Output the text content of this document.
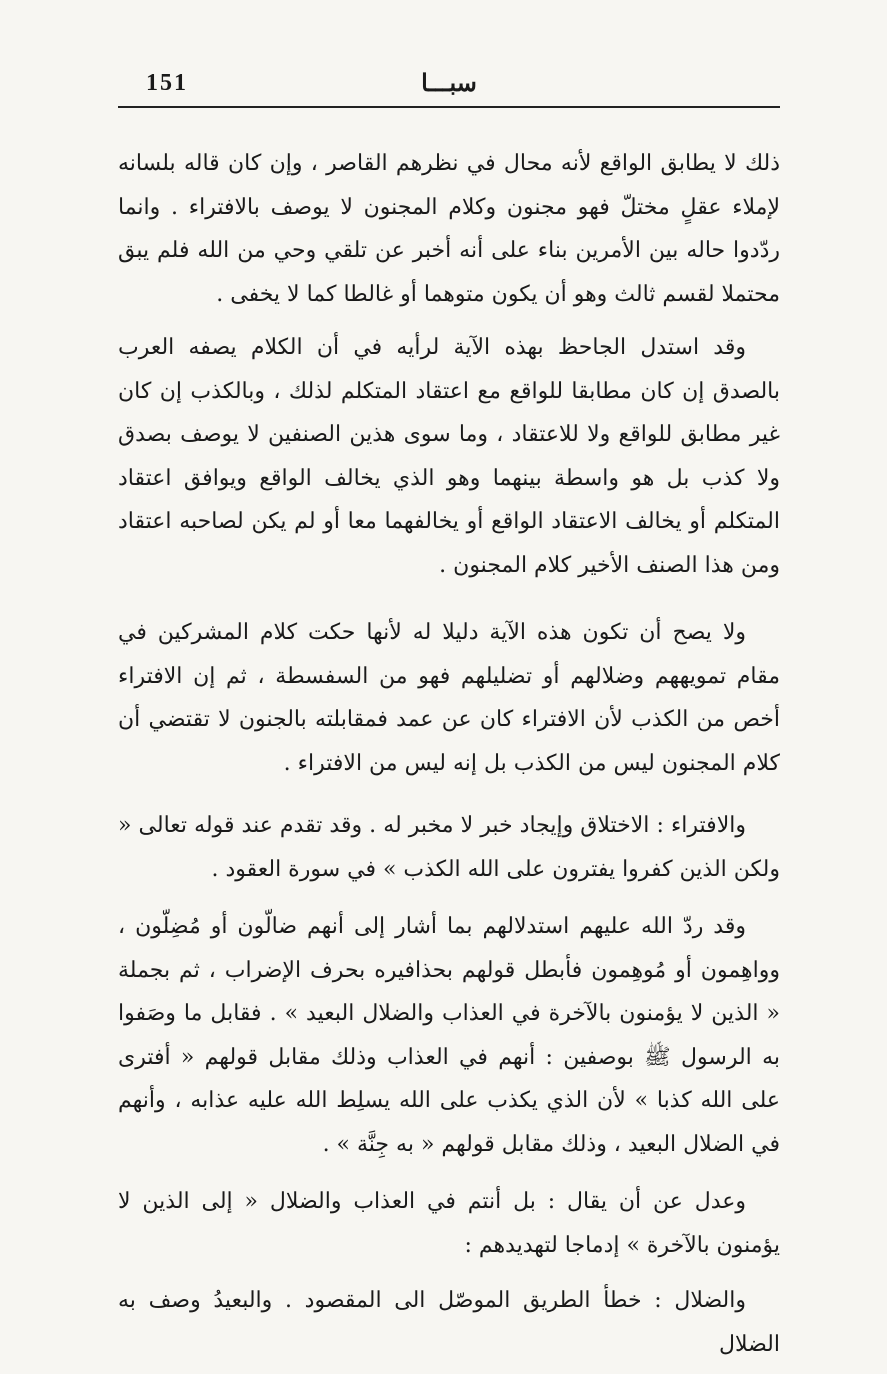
151	سبـــا

ذلك لا يطابق الواقع لأنه محال في نظرهم القاصر ، وإن كان قاله بلسانه لإملاء عقلٍ مختلّ فهو مجنون وكلام المجنون لا يوصف بالافتراء . وانما ردّدوا حاله بين الأمرين بناء على أنه أخبر عن تلقي وحي من الله فلم يبق محتملا لقسم ثالث وهو أن يكون متوهما أو غالطا كما لا يخفى .

وقد استدل الجاحظ بهذه الآية لرأيه في أن الكلام يصفه العرب بالصدق إن كان مطابقا للواقع مع اعتقاد المتكلم لذلك ، وبالكذب إن كان غير مطابق للواقع ولا للاعتقاد ، وما سوى هذين الصنفين لا يوصف بصدق ولا كذب بل هو واسطة بينهما وهو الذي يخالف الواقع ويوافق اعتقاد المتكلم أو يخالف الاعتقاد الواقع أو يخالفهما معا أو لم يكن لصاحبه اعتقاد ومن هذا الصنف الأخير كلام المجنون .

ولا يصح أن تكون هذه الآية دليلا له لأنها حكت كلام المشركين في مقام تمويههم وضلالهم أو تضليلهم فهو من السفسطة ، ثم إن الافتراء أخص من الكذب لأن الافتراء كان عن عمد فمقابلته بالجنون لا تقتضي أن كلام المجنون ليس من الكذب بل إنه ليس من الافتراء .

والافتراء : الاختلاق وإيجاد خبر لا مخبر له . وقد تقدم عند قوله تعالى « ولكن الذين كفروا يفترون على الله الكذب » في سورة العقود .

وقد ردّ الله عليهم استدلالهم بما أشار إلى أنهم ضالّون أو مُضِلّون ، وواهِمون أو مُوهِمون فأبطل قولهم بحذافيره بحرف الإضراب ، ثم بجملة « الذين لا يؤمنون بالآخرة في العذاب والضلال البعيد » . فقابل ما وصَفوا به الرسول ﷺ بوصفين : أنهم في العذاب وذلك مقابل قولهم « أفترى على الله كذبا » لأن الذي يكذب على الله يسلِط الله عليه عذابه ، وأنهم في الضلال البعيد ، وذلك مقابل قولهم « به جِنَّة » .

وعدل عن أن يقال : بل أنتم في العذاب والضلال « إلى الذين لا يؤمنون بالآخرة » إدماجا لتهديدهم :

والضلال : خطأ الطريق الموصّل الى المقصود . والبعيدُ وصف به الضلال
